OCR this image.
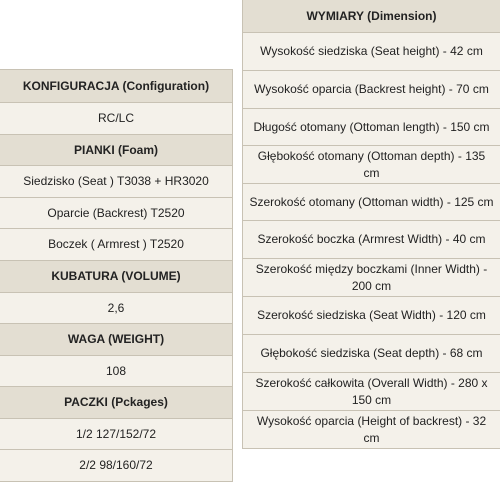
KONFIGURACJA (Configuration)
RC/LC
PIANKI (Foam)
Siedzisko (Seat ) T3038 + HR3020
Oparcie (Backrest) T2520
Boczek ( Armrest ) T2520
KUBATURA (VOLUME)
2,6
WAGA (WEIGHT)
108
PACZKI (Pckages)
1/2 127/152/72
2/2 98/160/72
WYMIARY (Dimension)
Wysokość siedziska (Seat height) - 42 cm
Wysokość oparcia (Backrest height) - 70 cm
Długość otomany (Ottoman length) - 150 cm
Głębokość otomany (Ottoman depth) - 135 cm
Szerokość otomany (Ottoman width) - 125 cm
Szerokość boczka (Armrest Width) - 40 cm
Szerokość między boczkami (Inner Width) - 200 cm
Szerokość siedziska (Seat Width) - 120 cm
Głębokość siedziska (Seat depth) - 68 cm
Szerokość całkowita (Overall Width) - 280 x 150 cm
Wysokość oparcia (Height of backrest) - 32 cm
